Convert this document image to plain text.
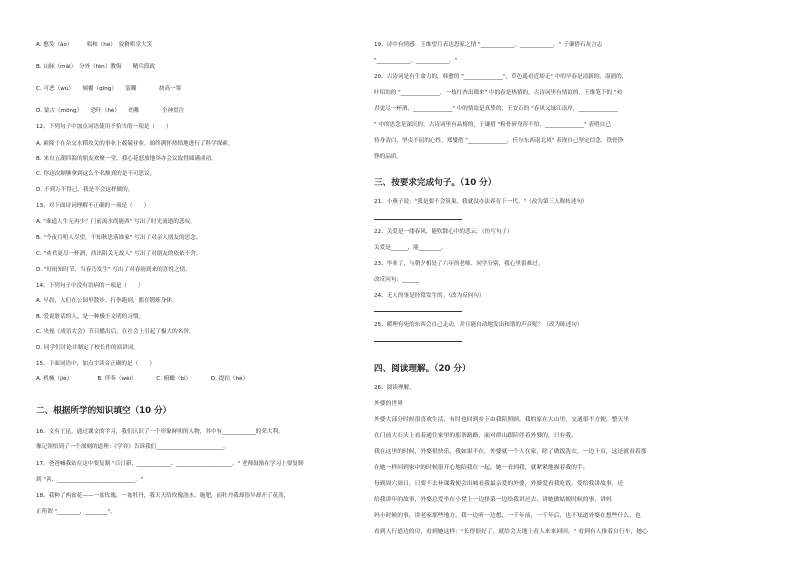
A. 憨笑（ào）　　　唱和（hè）　狡猾哄堂大笑
B. 山脉（mài）　分外（fèn）教悔　　精兵简政
C. 可恶（wù）　　倾覆（qīng）　　装糊　　　　抉高一筹
D. 蒙古（mōng）　　恐吓（hè）　　幼稚　　　　全神贯注
12、下列句子中加点词语使用不恰当的一项是（　　）
A. 索隆千在杂交水稻攻关的事业上兢兢业业，始终满怀热情地进行了科学探索。
B. 来自五湖四海的朋友欢聚一堂，我心花怒放地举办会议取得圆满成功。
C. 你这次顺够拿到这么个名额真的是不可思议。
D. 不到万不得已，我是不会这样做的。
13、对下面诗词理解不正确的一项是（　　）
A. "谁道人生无再少？门前流水尚能西" 写出了时光流逝的悲叹。
B. "今夜月明人尽望，不知秋思落谁家" 写出了对亲人朋友的思念。
C. "劝君更尽一杯酒，西出阳关无故人" 写出了对朋友的依依不舍。
D. "好雨知时节，当春乃发生" 写出了对春雨到来的喜悦之情。
14、下列句子中没有语病的一项是（　　）
A. 早晨，人们在公园里散步、打拳跑到，都在锻炼身体。
B. 爱说脏话的人，是一种极不文明的习惯。
C. 央视《成语大会》节目播出后，在社会上引起了极大的名誉。
D. 同学们讨论并制定了校长作的演讲词。
15、下面词语中，加点字读音正确的是（　　）
A. 机械（jiè）　　　　　B. 伴奏（wèi）　　　　C. 俯瞰（bì）　　　　D. 提扣（hé）
二、根据所学的知识填空（10 分）
16、文有王昆，通过课文的学习，我们认识了一个形象鲜明的人物，其中有____________的荣大利。
像记领悟到了一个深刻的道理：《学弈》告诉我们________________________。
17、爸爸喊我站在这中要复制 "百日新、____________、____________________。" 老师鼓励在学习上要复制
到 "善、____________________________。"
18、我种了两盆花——一盆玫瑰，一盆牡丹，我天天给玫瑰浇水，施肥，而牡丹我却很早却开了花茂，
正所谓 "________，________"。
19、诗中有情感：王维望月表达思家之情 "____________，____________。" 于谦借石灰言志
"____________，____________。"
20、古诗词是有生命力的，韩愈的 "______________"，草色遥看近却无" 中的早春是清新的、湿润的，
叶绍翁的 "______________，一枝红杏出墙来" 中的春是热情的，古诗词里有情谊的，王维笔下的 "劝
君更尽一杯酒，______________" 中的情谊是真挚的，王安石的 "春风又绿江南岸，______________
" 中的思念是深沉的，古诗词里有品格的，于谦借 "粉骨碎身浑不怕，______________" 表明自己
持身清白，坚贞不屈的心性，郑燮借 "______________，任尔东西南北风" 表现自己坚定信念，铁骨铮
铮的品质。
三、按要求完成句子。（10 分）
21、小燕子说："我是要不会筑巢，我就没办法养育下一代。"（改为第三人称转述句）
22、关爱是一缕春风，能吹散心中的悲云。（仿写句子）
关爱是______，能________。
23、毕业了，与朝夕相处了六年的老师、同学分别，我心里很难过。
改反问句：______
24、无人的事是经常发生的。（改为反问句）
25、暖理有死的东西会自己走动，并且能自动地发出和谐的声音呢？（改为陈述句）
四、阅读理解。（20 分）
26、阅读理解。
外婆的世界
外婆大部分时候很喜欢生活，有时也回到乡下由我陪照顾。我的家在大山里，交通很不方便，整天坐
在门前大石头上看着通往家里的那条路路，面对群山跟陪伴着外婆的，只有我。
我在这里的时候，外婆很快乐，我如果不在，外婆就一个人在家，除了做饭洗衣，一边十页，这还就看着那
在她一样回到家中的时候很开心地陪我在一起。她一看到我，就紧紧地握着我的手。
每到周六周日，只要不去补课我便会出城看我最亲爱的外婆，外婆爱看我吃饭，爱给我讲故事，还
给我讲年的故事，外婆总爱坐在小凳上一边择菜一边给我讲过去，讲她做姑娘时候的事，讲妈
妈小时候的事，讲老家那些地方。我一边听一边想，一千年前，一千年后，也不知道外婆在想些什么，也
看到人行道边的房，看到她这样："长得很好了，就给会天地上看人来来回回。" 看到有人推着自行车，她心
